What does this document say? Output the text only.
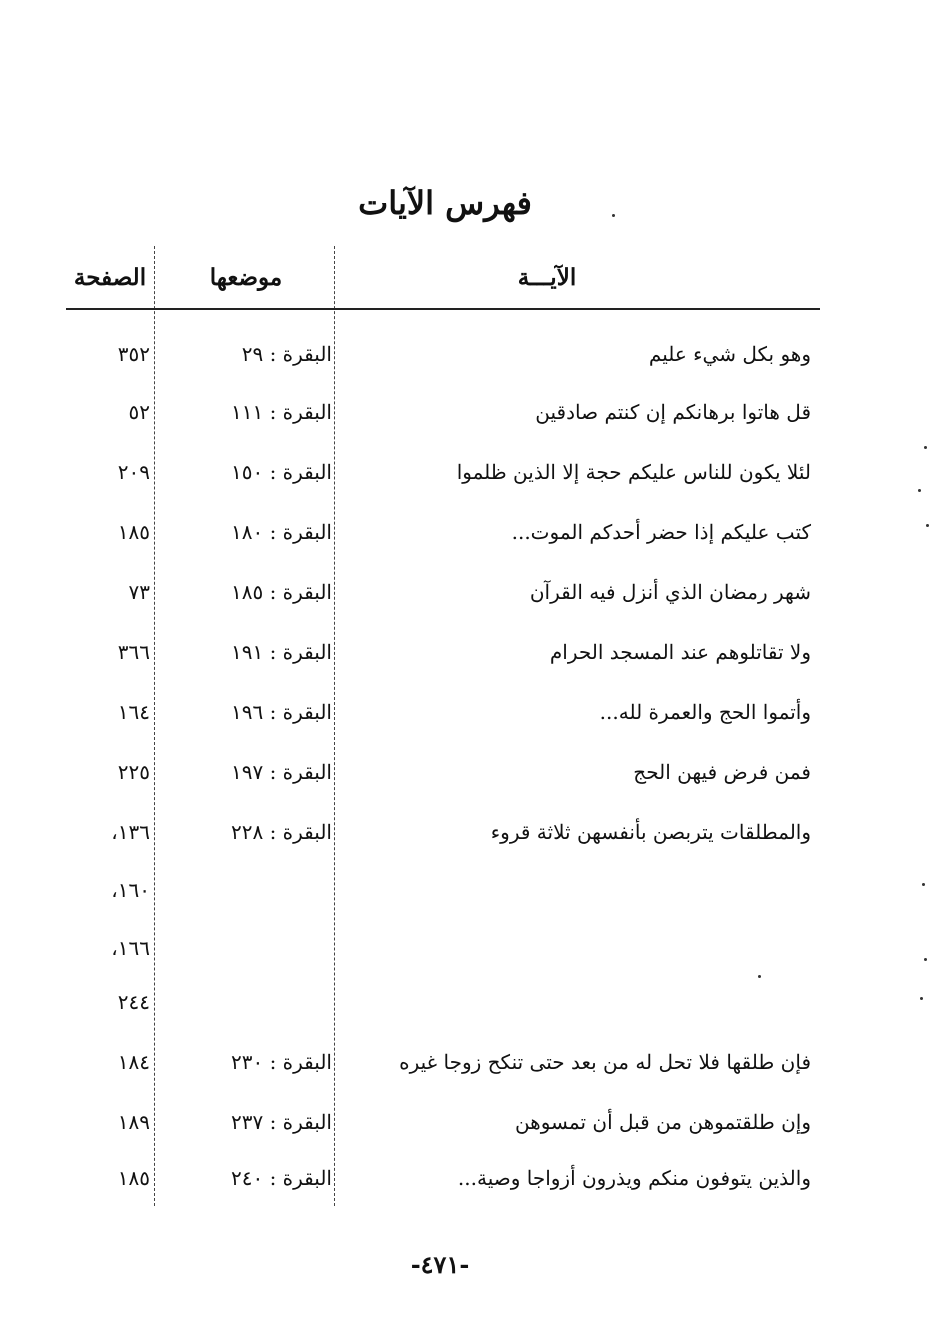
فهرس الآيات
الآيـــة
موضعها
الصفحة
وهو بكل شيء عليم
البقرة : ٢٩
٣٥٢
قل هاتوا برهانكم إن كنتم صادقين
البقرة : ١١١
٥٢
لئلا يكون للناس عليكم حجة إلا الذين ظلموا
البقرة : ١٥٠
٢٠٩
كتب عليكم إذا حضر أحدكم الموت...
البقرة : ١٨٠
١٨٥
شهر رمضان الذي أنزل فيه القرآن
البقرة : ١٨٥
٧٣
ولا تقاتلوهم عند المسجد الحرام
البقرة : ١٩١
٣٦٦
وأتموا الحج والعمرة لله...
البقرة : ١٩٦
١٦٤
فمن فرض فيهن الحج
البقرة : ١٩٧
٢٢٥
والمطلقات يتربصن بأنفسهن ثلاثة قروء
البقرة : ٢٢٨
١٣٦،
١٦٠،
١٦٦،
٢٤٤
فإن طلقها فلا تحل له من بعد حتى تنكح زوجا غيره
البقرة : ٢٣٠
١٨٤
وإن طلقتموهن من قبل أن تمسوهن
البقرة : ٢٣٧
١٨٩
والذين يتوفون منكم ويذرون أزواجا وصية...
البقرة : ٢٤٠
١٨٥
-٤٧١-
